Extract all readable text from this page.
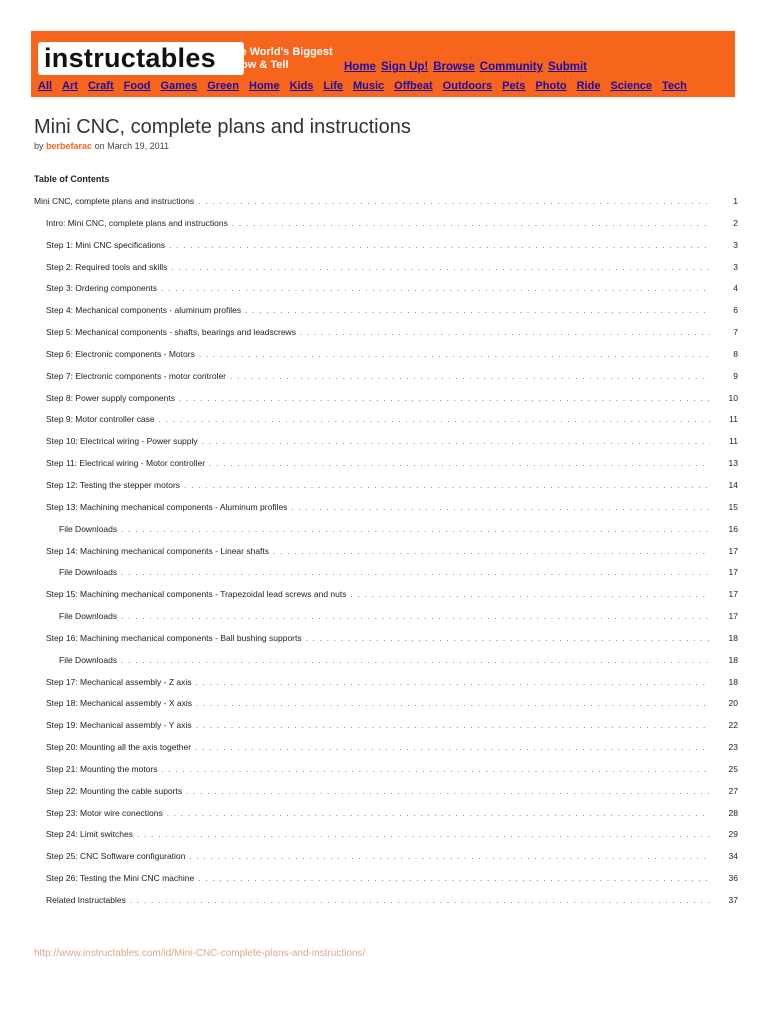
instructables The World's Biggest
Show & Tell	Home Sign Up! Browse Community Submit
All Art Craft Food Games Green Home Kids Life Music Offbeat Outdoors Pets Photo Ride Science Tech
Mini CNC, complete plans and instructions
by berbefarac on March 19, 2011
Table of Contents
Mini CNC, complete plans and instructions . . .	1
Intro: Mini CNC, complete plans and instructions . . .	2
Step 1: Mini CNC specifications . . .	3
Step 2: Required tools and skills . . .	3
Step 3: Ordering components . . .	4
Step 4: Mechanical components - aluminum profiles . . .	6
Step 5: Mechanical components - shafts, bearings and leadscrews . . .	7
Step 6: Electronic components - Motors . . .	8
Step 7: Electronic components - motor controler . . .	9
Step 8: Power supply components . . .	10
Step 9: Motor controller case . . .	11
Step 10: Electrical wiring - Power supply . . .	11
Step 11: Electrical wiring - Motor controller . . .	13
Step 12: Testing the stepper motors . . .	14
Step 13: Machining mechanical components - Aluminum profiles . . .	15
File Downloads . . .	16
Step 14: Machining mechanical components - Linear shafts . . .	17
File Downloads . . .	17
Step 15: Machining mechanical components - Trapezoidal lead screws and nuts . . .	17
File Downloads . . .	17
Step 16: Machining mechanical components - Ball bushing supports . . .	18
File Downloads . . .	18
Step 17: Mechanical assembly - Z axis . . .	18
Step 18: Mechanical assembly - X axis . . .	20
Step 19: Mechanical assembly - Y axis . . .	22
Step 20: Mounting all the axis together . . .	23
Step 21: Mounting the motors . . .	25
Step 22: Mounting the cable suports . . .	27
Step 23: Motor wire conections . . .	28
Step 24: Limit switches . . .	29
Step 25: CNC Software configuration . . .	34
Step 26: Testing the Mini CNC machine . . .	36
Related Instructables . . .	37
http://www.instructables.com/id/Mini-CNC-complete-plans-and-instructions/
